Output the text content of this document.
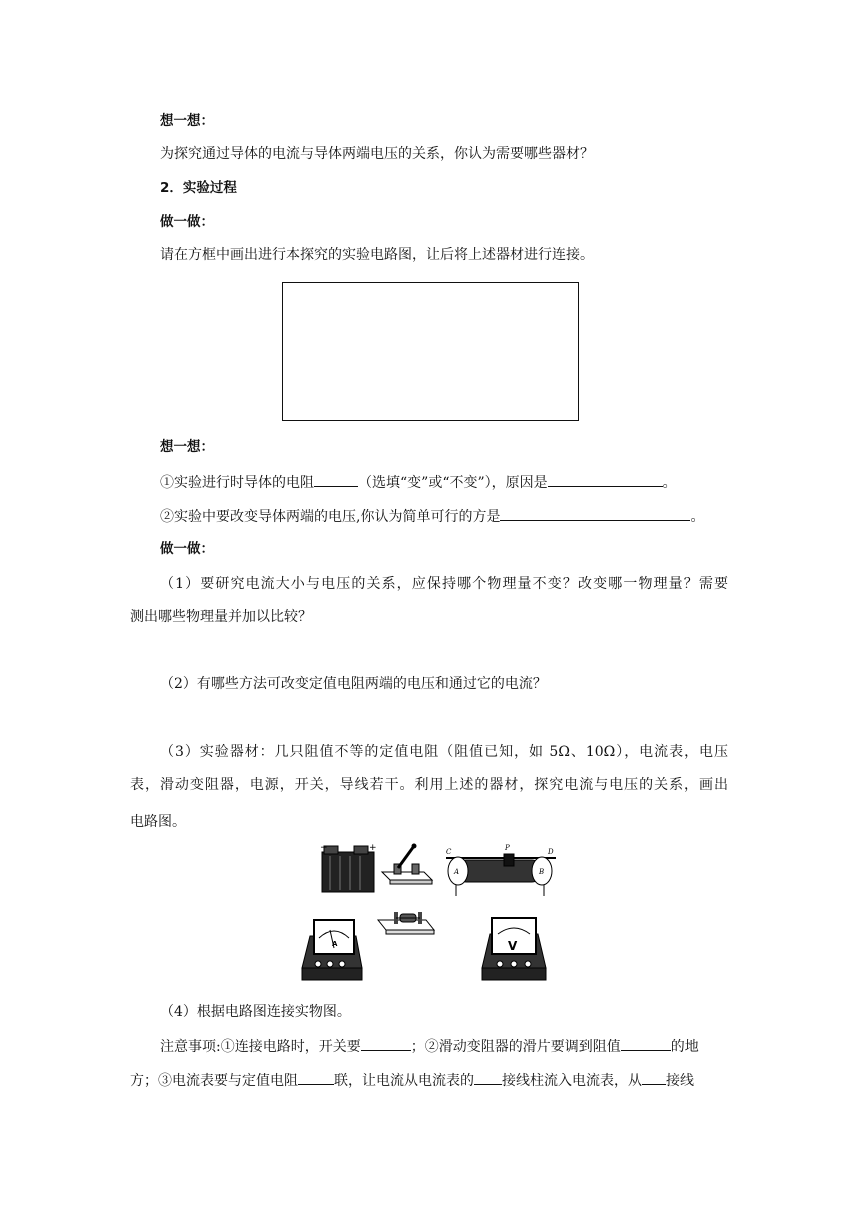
想一想：
为探究通过导体的电流与导体两端电压的关系，你认为需要哪些器材？
2．实验过程
做一做：
请在方框中画出进行本探究的实验电路图，让后将上述器材进行连接。
想一想：
①实验进行时导体的电阻	（选填“变”或“不变”），原因是	。
②实验中要改变导体两端的电压,你认为简单可行的方是	。
做一做：
（1）要研究电流大小与电压的关系，应保持哪个物理量不变？改变哪一物理量？需要
测出哪些物理量并加以比较？
（2）有哪些方法可改变定值电阻两端的电压和通过它的电流？
（3）实验器材：几只阻值不等的定值电阻（阻值已知，如 5Ω、10Ω），电流表，电压
表，滑动变阻器，电源，开关，导线若干。利用上述的器材，探究电流与电压的关系，画出
电路图。
−	+	C	P	D
A	B
A	V
（4）根据电路图连接实物图。
注意事项:①连接电路时，开关要	；②滑动变阻器的滑片要调到阻值	的地
方；③电流表要与定值电阻	联，让电流从电流表的 接线柱流入电流表，从 接线
